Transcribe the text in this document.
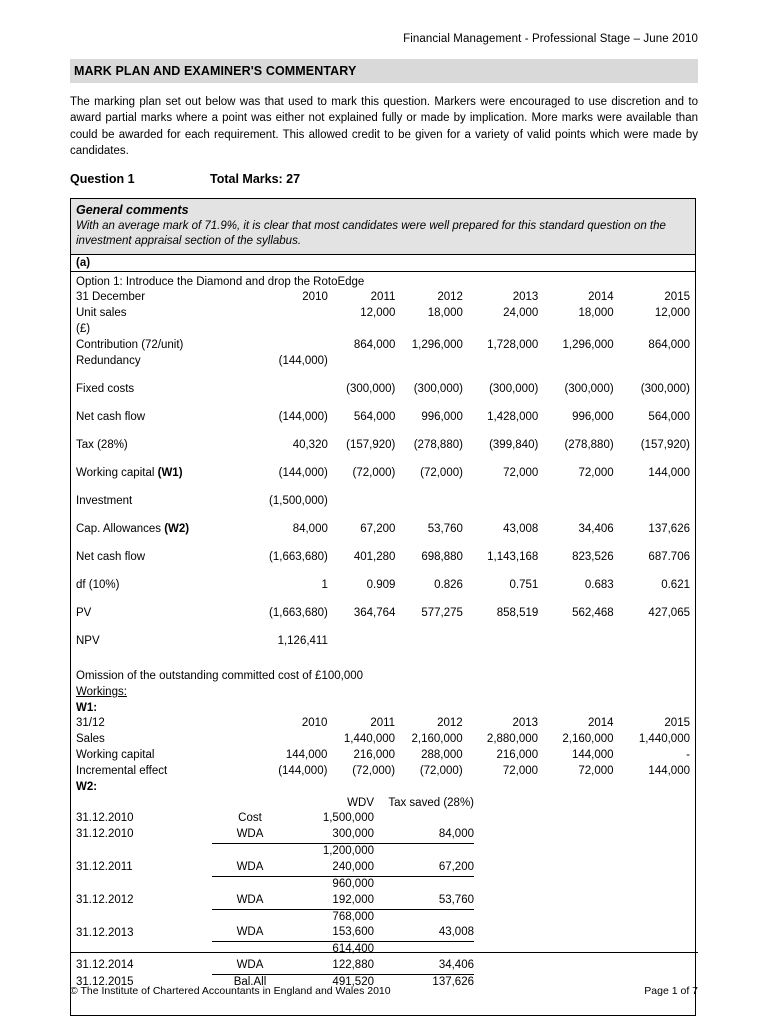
Financial Management - Professional Stage – June 2010
MARK PLAN AND EXAMINER'S COMMENTARY
The marking plan set out below was that used to mark this question. Markers were encouraged to use discretion and to award partial marks where a point was either not explained fully or made by implication. More marks were available than could be awarded for each requirement. This allowed credit to be given for a variety of valid points which were made by candidates.
Question 1	Total Marks: 27
General comments
With an average mark of 71.9%, it is clear that most candidates were well prepared for this standard question on the investment appraisal section of the syllabus.
(a)
Option 1: Introduce the Diamond and drop the RotoEdge
31 December	2010	2011	2012	2013	2014	2015
Unit sales		12,000	18,000	24,000	18,000	12,000
(£)						
Contribution (72/unit)		864,000	1,296,000	1,728,000	1,296,000	864,000
Redundancy	(144,000)					
Fixed costs		(300,000)	(300,000)	(300,000)	(300,000)	(300,000)
Net cash flow	(144,000)	564,000	996,000	1,428,000	996,000	564,000
Tax (28%)	40,320	(157,920)	(278,880)	(399,840)	(278,880)	(157,920)
Working capital (W1)	(144,000)	(72,000)	(72,000)	72,000	72,000	144,000
Investment	(1,500,000)					
Cap. Allowances (W2)	84,000	67,200	53,760	43,008	34,406	137,626
Net cash flow	(1,663,680)	401,280	698,880	1,143,168	823,526	687.706
df (10%)	1	0.909	0.826	0.751	0.683	0.621
PV	(1,663,680)	364,764	577,275	858,519	562,468	427,065
NPV	1,126,411					
Omission of the outstanding committed cost of £100,000
Workings:
W1:
31/12	2010	2011	2012	2013	2014	2015
Sales		1,440,000	2,160,000	2,880,000	2,160,000	1,440,000
Working capital	144,000	216,000	288,000	216,000	144,000	-
Incremental effect	(144,000)	(72,000)	(72,000)	72,000	72,000	144,000
W2:
		WDV	Tax saved (28%)
31.12.2010	Cost	1,500,000	
31.12.2010	WDA	300,000	84,000
		1,200,000	
31.12.2011	WDA	240,000	67,200
		960,000	
31.12.2012	WDA	192,000	53,760
		768,000	
31.12.2013	WDA	153,600	43,008
		614,400	
31.12.2014	WDA	122,880	34,406
31.12.2015	Bal.All	491,520	137,626
© The Institute of Chartered Accountants in England and Wales 2010	Page 1 of 7
